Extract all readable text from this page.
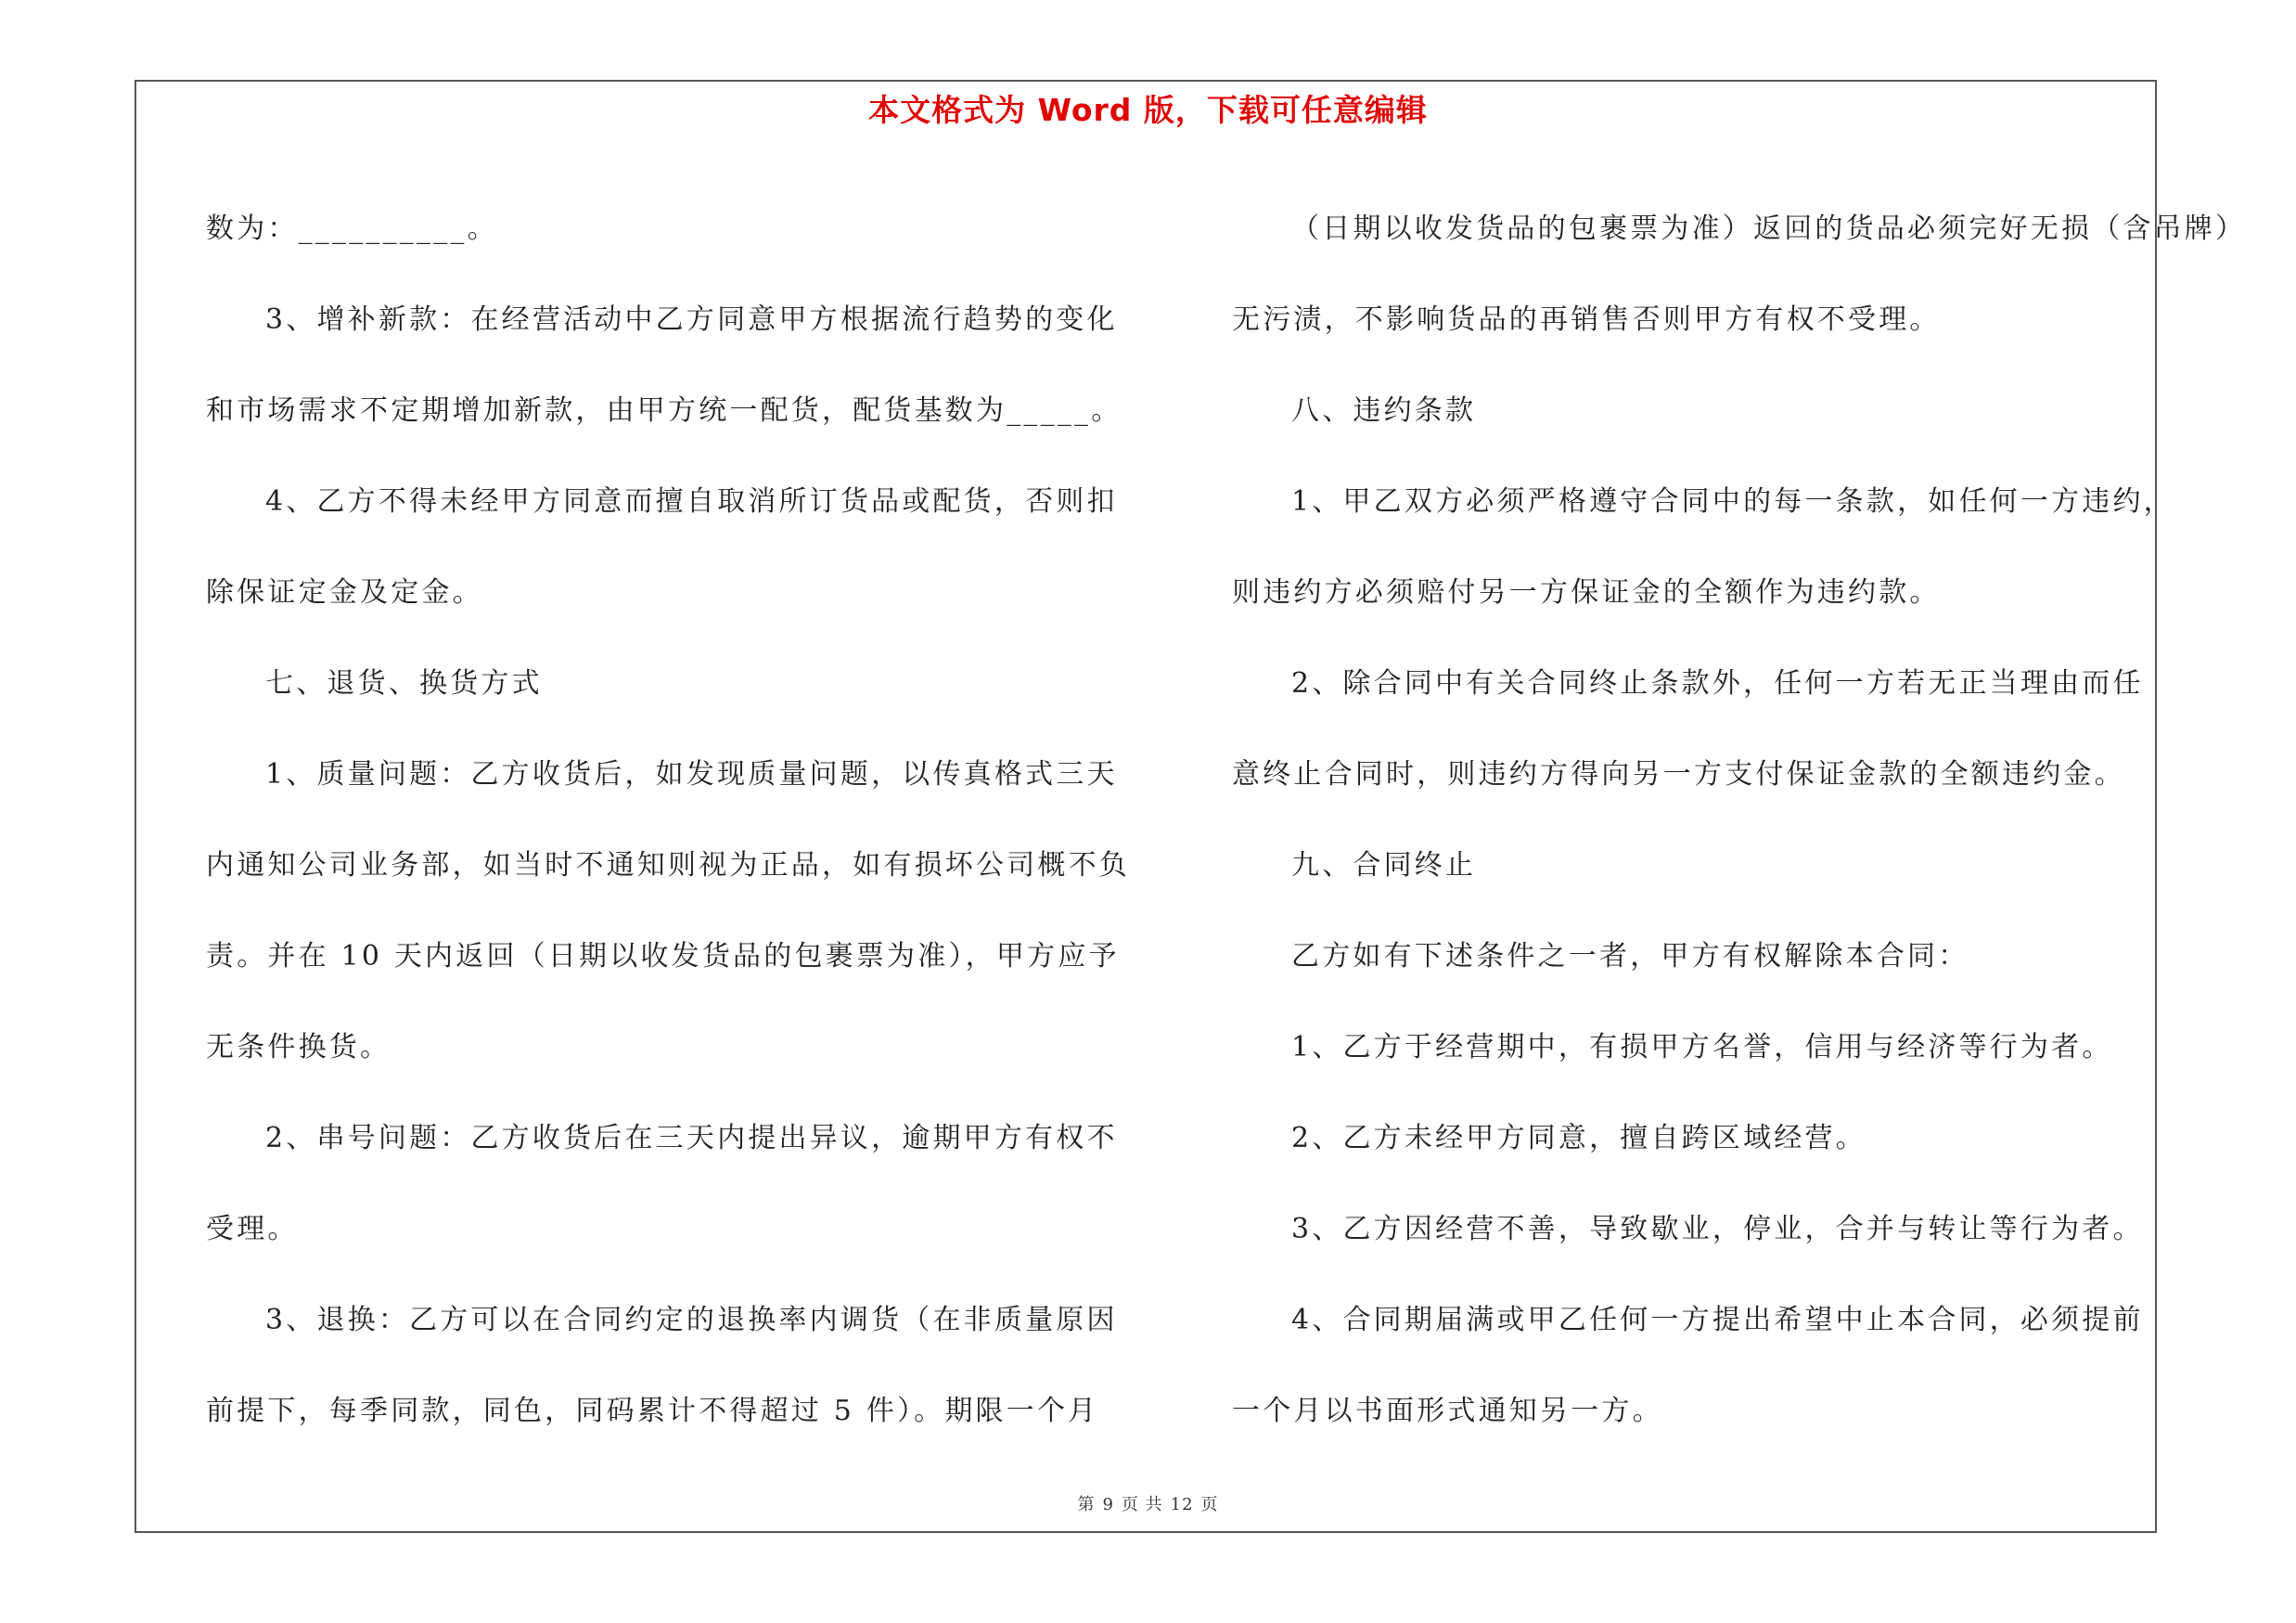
本文格式为 Word 版，下载可任意编辑

数为：__________。

3、增补新款：在经营活动中乙方同意甲方根据流行趋势的变化

和市场需求不定期增加新款，由甲方统一配货，配货基数为_____。

4、乙方不得未经甲方同意而擅自取消所订货品或配货，否则扣

除保证定金及定金。

七、退货、换货方式

1、质量问题：乙方收货后，如发现质量问题，以传真格式三天

内通知公司业务部，如当时不通知则视为正品，如有损坏公司概不负

责。并在 10 天内返回（日期以收发货品的包裹票为准），甲方应予

无条件换货。

2、串号问题：乙方收货后在三天内提出异议，逾期甲方有权不

受理。

3、退换：乙方可以在合同约定的退换率内调货（在非质量原因

前提下，每季同款，同色，同码累计不得超过 5 件）。期限一个月

（日期以收发货品的包裹票为准）返回的货品必须完好无损（含吊牌）

无污渍，不影响货品的再销售否则甲方有权不受理。

八、违约条款

1、甲乙双方必须严格遵守合同中的每一条款，如任何一方违约，

则违约方必须赔付另一方保证金的全额作为违约款。

2、除合同中有关合同终止条款外，任何一方若无正当理由而任

意终止合同时，则违约方得向另一方支付保证金款的全额违约金。

九、合同终止

乙方如有下述条件之一者，甲方有权解除本合同：

1、乙方于经营期中，有损甲方名誉，信用与经济等行为者。

2、乙方未经甲方同意，擅自跨区域经营。

3、乙方因经营不善，导致歇业，停业，合并与转让等行为者。

4、合同期届满或甲乙任何一方提出希望中止本合同，必须提前

一个月以书面形式通知另一方。

第 9 页 共 12 页
